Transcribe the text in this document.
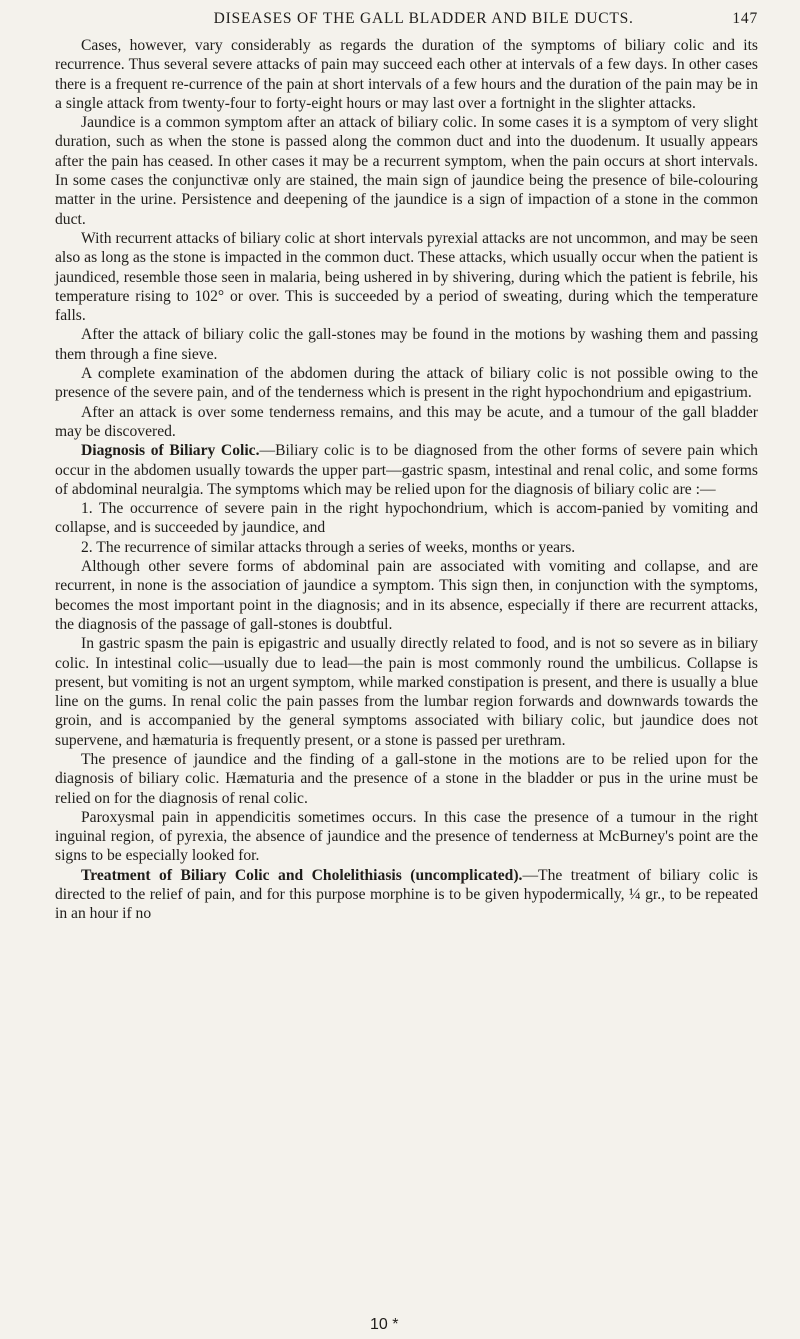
DISEASES OF THE GALL BLADDER AND BILE DUCTS.	147

Cases, however, vary considerably as regards the duration of the symptoms of biliary colic and its recurrence. Thus several severe attacks of pain may succeed each other at intervals of a few days. In other cases there is a frequent re-currence of the pain at short intervals of a few hours and the duration of the pain may be in a single attack from twenty-four to forty-eight hours or may last over a fortnight in the slighter attacks.

Jaundice is a common symptom after an attack of biliary colic. In some cases it is a symptom of very slight duration, such as when the stone is passed along the common duct and into the duodenum. It usually appears after the pain has ceased. In other cases it may be a recurrent symptom, when the pain occurs at short intervals. In some cases the conjunctivæ only are stained, the main sign of jaundice being the presence of bile-colouring matter in the urine. Persistence and deepening of the jaundice is a sign of impaction of a stone in the common duct.

With recurrent attacks of biliary colic at short intervals pyrexial attacks are not uncommon, and may be seen also as long as the stone is impacted in the common duct. These attacks, which usually occur when the patient is jaundiced, resemble those seen in malaria, being ushered in by shivering, during which the patient is febrile, his temperature rising to 102° or over. This is succeeded by a period of sweating, during which the temperature falls.

After the attack of biliary colic the gall-stones may be found in the motions by washing them and passing them through a fine sieve.

A complete examination of the abdomen during the attack of biliary colic is not possible owing to the presence of the severe pain, and of the tenderness which is present in the right hypochondrium and epigastrium.

After an attack is over some tenderness remains, and this may be acute, and a tumour of the gall bladder may be discovered.

Diagnosis of Biliary Colic.—Biliary colic is to be diagnosed from the other forms of severe pain which occur in the abdomen usually towards the upper part—gastric spasm, intestinal and renal colic, and some forms of abdominal neuralgia. The symptoms which may be relied upon for the diagnosis of biliary colic are :—

1. The occurrence of severe pain in the right hypochondrium, which is accom-panied by vomiting and collapse, and is succeeded by jaundice, and

2. The recurrence of similar attacks through a series of weeks, months or years.

Although other severe forms of abdominal pain are associated with vomiting and collapse, and are recurrent, in none is the association of jaundice a symptom. This sign then, in conjunction with the symptoms, becomes the most important point in the diagnosis; and in its absence, especially if there are recurrent attacks, the diagnosis of the passage of gall-stones is doubtful.

In gastric spasm the pain is epigastric and usually directly related to food, and is not so severe as in biliary colic. In intestinal colic—usually due to lead—the pain is most commonly round the umbilicus. Collapse is present, but vomiting is not an urgent symptom, while marked constipation is present, and there is usually a blue line on the gums. In renal colic the pain passes from the lumbar region forwards and downwards towards the groin, and is accompanied by the general symptoms associated with biliary colic, but jaundice does not supervene, and hæmaturia is frequently present, or a stone is passed per urethram.

The presence of jaundice and the finding of a gall-stone in the motions are to be relied upon for the diagnosis of biliary colic. Hæmaturia and the presence of a stone in the bladder or pus in the urine must be relied on for the diagnosis of renal colic.

Paroxysmal pain in appendicitis sometimes occurs. In this case the presence of a tumour in the right inguinal region, of pyrexia, the absence of jaundice and the presence of tenderness at McBurney's point are the signs to be especially looked for.

Treatment of Biliary Colic and Cholelithiasis (uncomplicated).—The treatment of biliary colic is directed to the relief of pain, and for this purpose morphine is to be given hypodermically, ¼ gr., to be repeated in an hour if no

10 *
